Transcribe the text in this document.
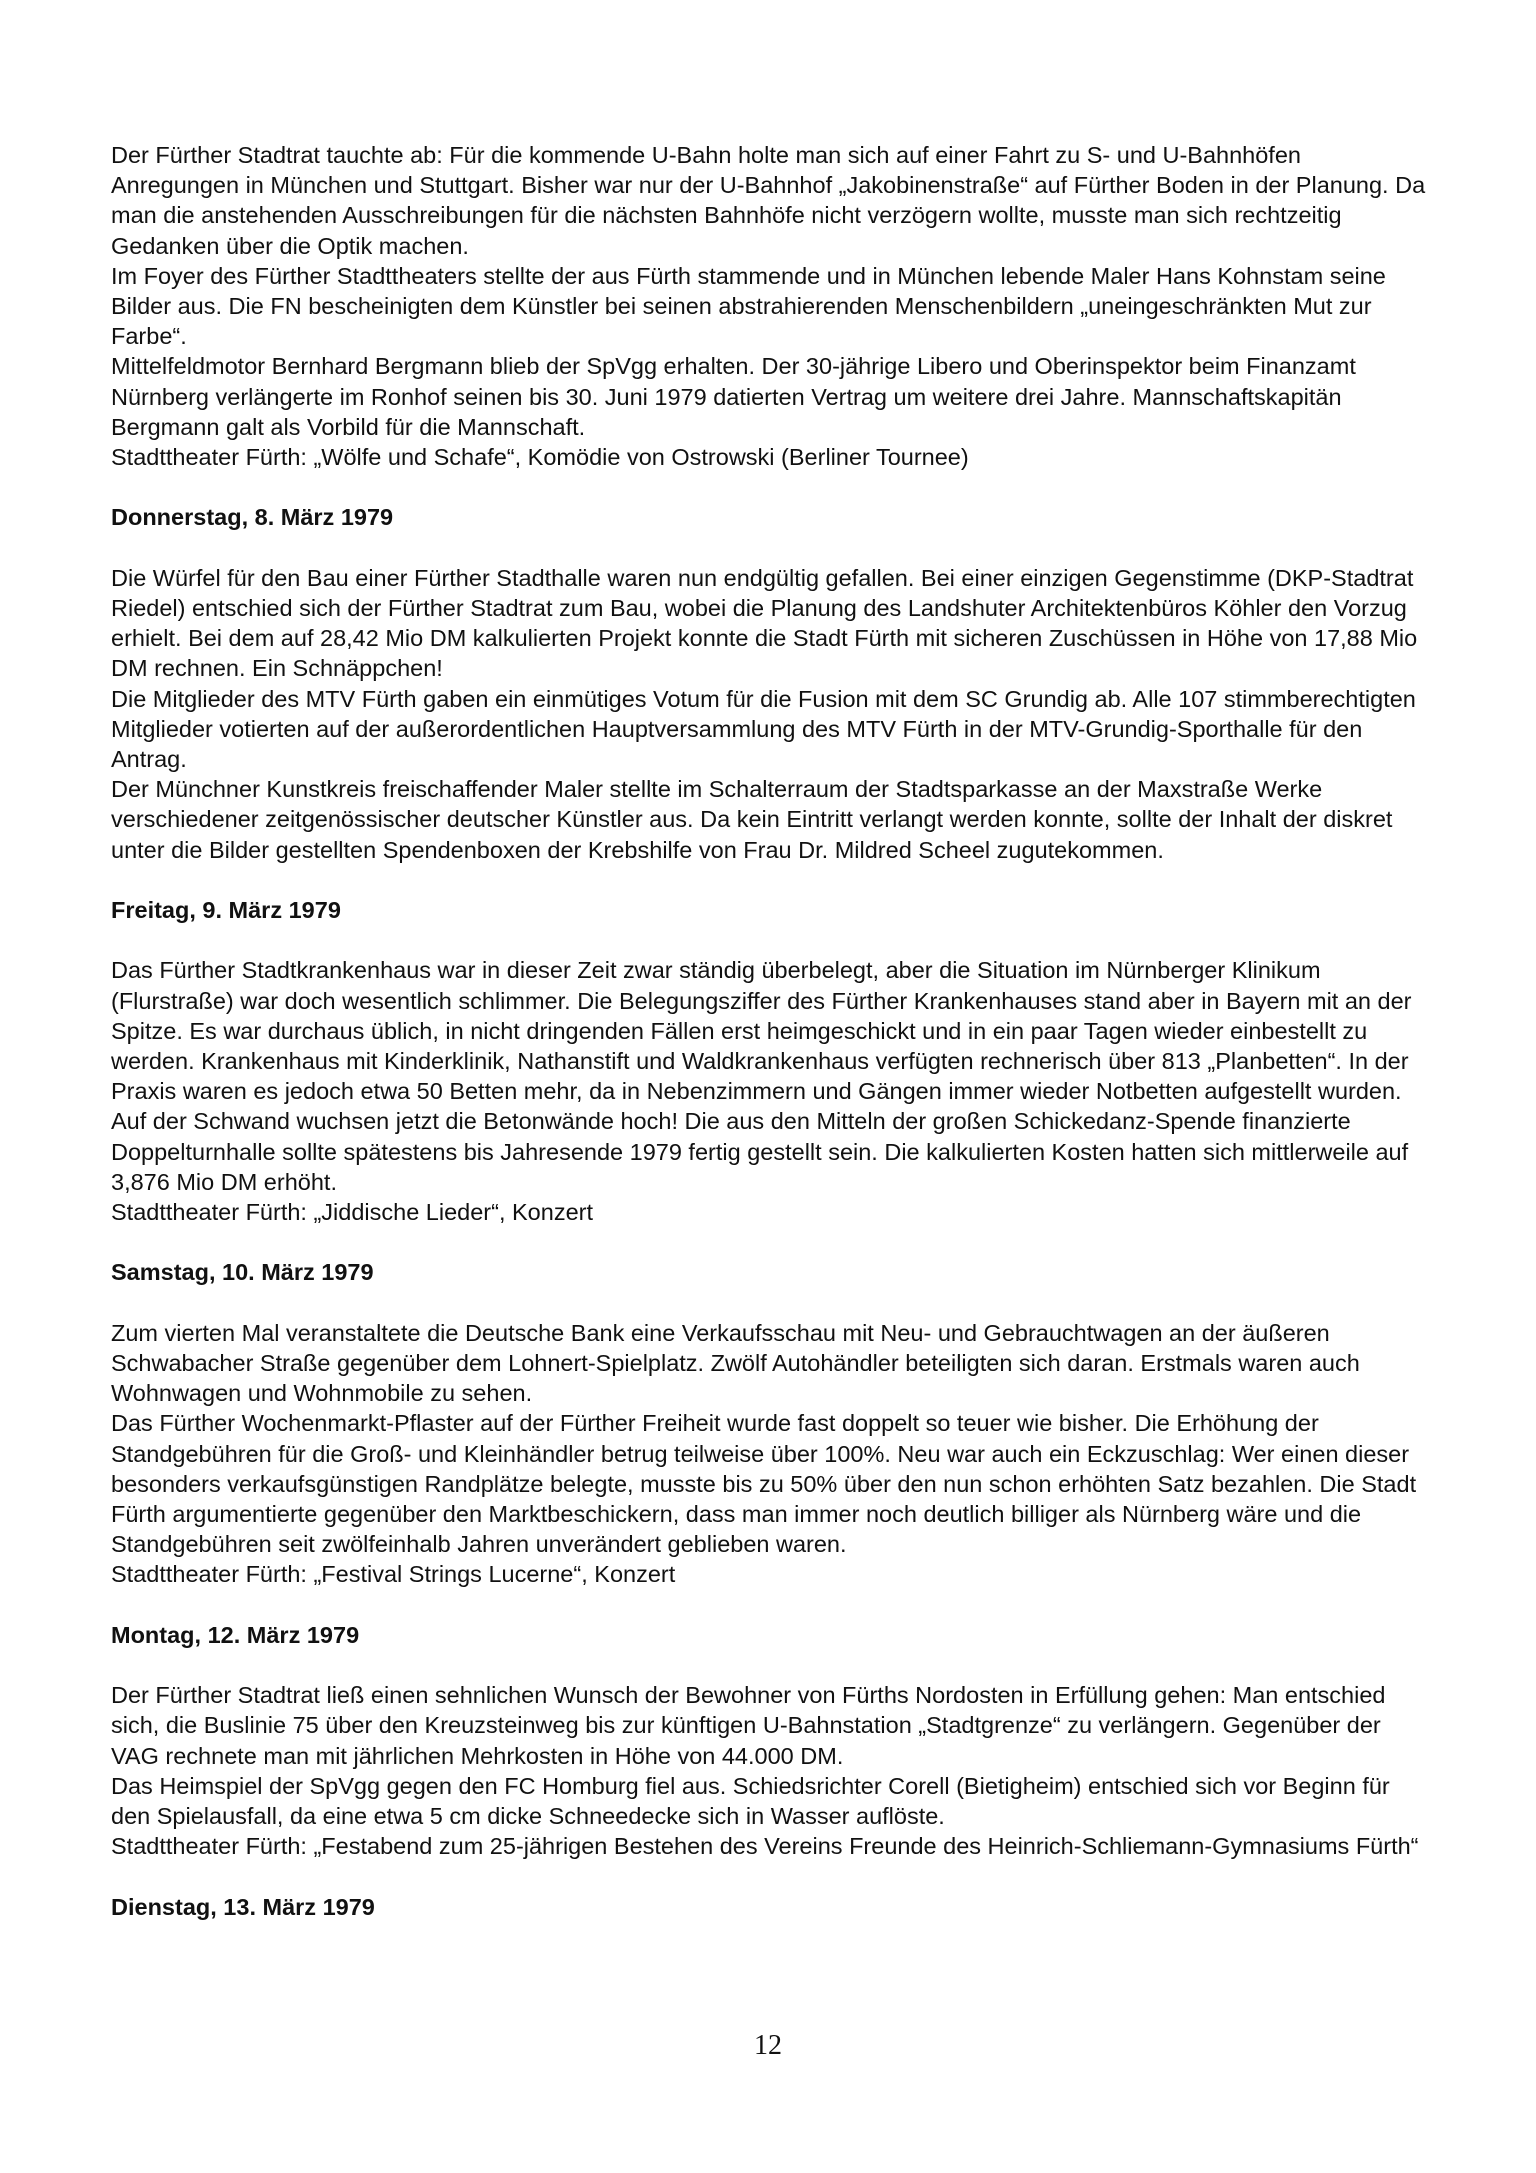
Der Fürther Stadtrat tauchte ab: Für die kommende U-Bahn holte man sich auf einer Fahrt zu S- und U-Bahnhöfen Anregungen in München und Stuttgart. Bisher war nur der U-Bahnhof „Jakobinenstraße“ auf Fürther Boden in der Planung. Da man die anstehenden Ausschreibungen für die nächsten Bahnhöfe nicht verzögern wollte, musste man sich rechtzeitig Gedanken über die Optik machen.

Im Foyer des Fürther Stadttheaters stellte der aus Fürth stammende und in München lebende Maler Hans Kohnstam seine Bilder aus. Die FN bescheinigten dem Künstler bei seinen abstrahierenden Menschenbildern „uneingeschränkten Mut zur Farbe“.

Mittelfeldmotor Bernhard Bergmann blieb der SpVgg erhalten. Der 30-jährige Libero und Oberinspektor beim Finanzamt Nürnberg verlängerte im Ronhof seinen bis 30. Juni 1979 datierten Vertrag um weitere drei Jahre. Mannschaftskapitän Bergmann galt als Vorbild für die Mannschaft.

Stadttheater Fürth: „Wölfe und Schafe“, Komödie von Ostrowski (Berliner Tournee)

Donnerstag, 8. März 1979

Die Würfel für den Bau einer Fürther Stadthalle waren nun endgültig gefallen. Bei einer einzigen Gegenstimme (DKP-Stadtrat Riedel) entschied sich der Fürther Stadtrat zum Bau, wobei die Planung des Landshuter Architektenbüros Köhler den Vorzug erhielt. Bei dem auf 28,42 Mio DM kalkulierten Projekt konnte die Stadt Fürth mit sicheren Zuschüssen in Höhe von 17,88 Mio DM rechnen. Ein Schnäppchen!

Die Mitglieder des MTV Fürth gaben ein einmütiges Votum für die Fusion mit dem SC Grundig ab. Alle 107 stimmberechtigten Mitglieder votierten auf der außerordentlichen Hauptversammlung des MTV Fürth in der MTV-Grundig-Sporthalle für den Antrag.

Der Münchner Kunstkreis freischaffender Maler stellte im Schalterraum der Stadtsparkasse an der Maxstraße Werke verschiedener zeitgenössischer deutscher Künstler aus. Da kein Eintritt verlangt werden konnte, sollte der Inhalt der diskret unter die Bilder gestellten Spendenboxen der Krebshilfe von Frau Dr. Mildred Scheel zugutekommen.

Freitag, 9. März 1979

Das Fürther Stadtkrankenhaus war in dieser Zeit zwar ständig überbelegt, aber die Situation im Nürnberger Klinikum (Flurstraße) war doch wesentlich schlimmer. Die Belegungsziffer des Fürther Krankenhauses stand aber in Bayern mit an der Spitze. Es war durchaus üblich, in nicht dringenden Fällen erst heimgeschickt und in ein paar Tagen wieder einbestellt zu werden. Krankenhaus mit Kinderklinik, Nathanstift und Waldkrankenhaus verfügten rechnerisch über 813 „Planbetten“. In der Praxis waren es jedoch etwa 50 Betten mehr, da in Nebenzimmern und Gängen immer wieder Notbetten aufgestellt wurden.

Auf der Schwand wuchsen jetzt die Betonwände hoch! Die aus den Mitteln der großen Schickedanz-Spende finanzierte Doppelturnhalle sollte spätestens bis Jahresende 1979 fertig gestellt sein. Die kalkulierten Kosten hatten sich mittlerweile auf 3,876 Mio DM erhöht.

Stadttheater Fürth: „Jiddische Lieder“, Konzert

Samstag, 10. März 1979

Zum vierten Mal veranstaltete die Deutsche Bank eine Verkaufsschau mit Neu- und Gebrauchtwagen an der äußeren Schwabacher Straße gegenüber dem Lohnert-Spielplatz. Zwölf Autohändler beteiligten sich daran. Erstmals waren auch Wohnwagen und Wohnmobile zu sehen.

Das Fürther Wochenmarkt-Pflaster auf der Fürther Freiheit wurde fast doppelt so teuer wie bisher. Die Erhöhung der Standgebühren für die Groß- und Kleinhändler betrug teilweise über 100%. Neu war auch ein Eckzuschlag: Wer einen dieser besonders verkaufsgünstigen Randplätze belegte, musste bis zu 50% über den nun schon erhöhten Satz bezahlen. Die Stadt Fürth argumentierte gegenüber den Marktbeschickern, dass man immer noch deutlich billiger als Nürnberg wäre und die Standgebühren seit zwölfeinhalb Jahren unverändert geblieben waren.

Stadttheater Fürth: „Festival Strings Lucerne“, Konzert

Montag, 12. März 1979

Der Fürther Stadtrat ließ einen sehnlichen Wunsch der Bewohner von Fürths Nordosten in Erfüllung gehen: Man entschied sich, die Buslinie 75 über den Kreuzsteinweg bis zur künftigen U-Bahnstation „Stadtgrenze“ zu verlängern. Gegenüber der VAG rechnete man mit jährlichen Mehrkosten in Höhe von 44.000 DM.

Das Heimspiel der SpVgg gegen den FC Homburg fiel aus. Schiedsrichter Corell (Bietigheim) entschied sich vor Beginn für den Spielausfall, da eine etwa 5 cm dicke Schneedecke sich in Wasser auflöste.

Stadttheater Fürth: „Festabend zum 25-jährigen Bestehen des Vereins Freunde des Heinrich-Schliemann-Gymnasiums Fürth“

Dienstag, 13. März 1979

12
